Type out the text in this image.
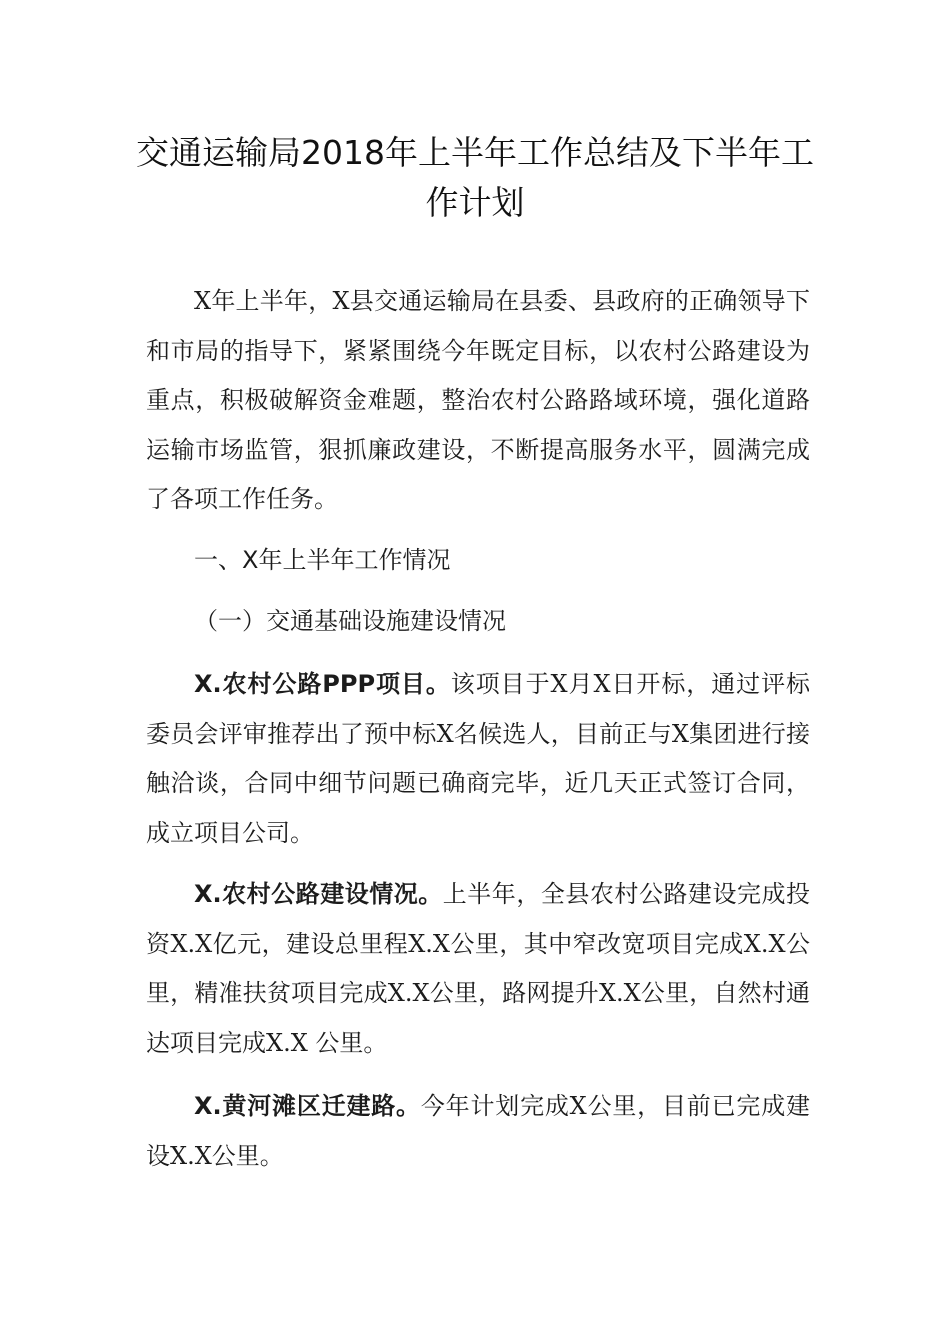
交通运输局2018年上半年工作总结及下半年工作计划

X年上半年，X县交通运输局在县委、县政府的正确领导下和市局的指导下，紧紧围绕今年既定目标，以农村公路建设为重点，积极破解资金难题，整治农村公路路域环境，强化道路运输市场监管，狠抓廉政建设，不断提高服务水平，圆满完成了各项工作任务。

一、X年上半年工作情况
（一）交通基础设施建设情况

X.农村公路PPP项目。该项目于X月X日开标，通过评标委员会评审推荐出了预中标X名候选人，目前正与X集团进行接触洽谈，合同中细节问题已确商完毕，近几天正式签订合同，成立项目公司。

X.农村公路建设情况。上半年，全县农村公路建设完成投资X.X亿元，建设总里程X.X公里，其中窄改宽项目完成X.X公里，精准扶贫项目完成X.X公里，路网提升X.X公里，自然村通达项目完成X.X 公里。

X.黄河滩区迁建路。今年计划完成X公里，目前已完成建设X.X公里。
